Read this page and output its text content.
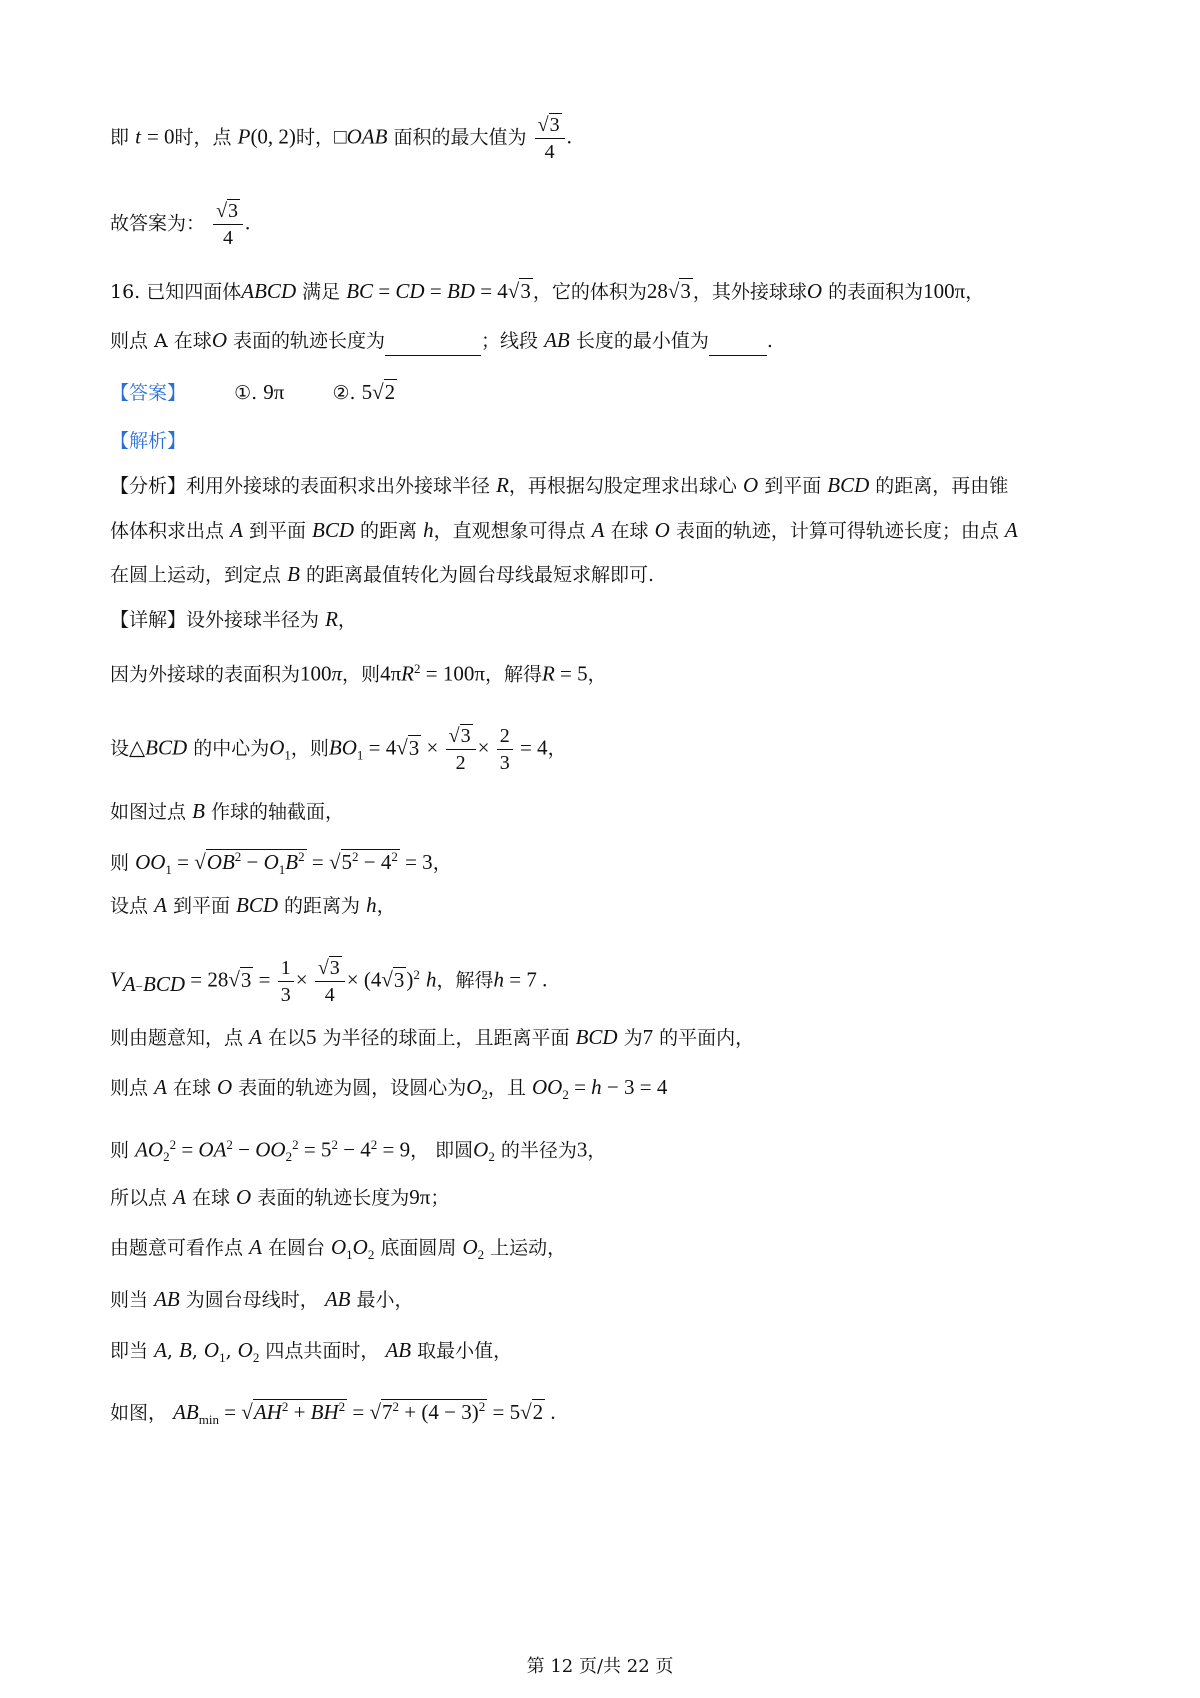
即 t = 0时，点 P(0, 2)时，□OAB 面积的最大值为 $\frac{√3}{4}$ .
故答案为： $\frac{√3}{4}$ .
16. 已知四面体ABCD 满足 BC = CD = BD = 4√3 ，它的体积为28√3 ，其外接球球O 的表面积为100π，
则点 A 在球O 表面的轨迹长度为	；线段 AB 长度的最小值为	.
【答案】	①. 9π	②. 5√2
【解析】
【分析】利用外接球的表面积求出外接球半径 R，再根据勾股定理求出球心 O 到平面 BCD 的距离，再由锥
体体积求出点 A 到平面 BCD 的距离 h，直观想象可得点 A 在球 O 表面的轨迹，计算可得轨迹长度；由点 A
在圆上运动，到定点 B 的距离最值转化为圆台母线最短求解即可.
【详解】设外接球半径为 R，
因为外接球的表面积为100π，则$4\pi R^2 = 100\pi$，解得R = 5，
设△BCD 的中心为$O_1$，则$BO_1 = 4√3 \times \frac{√3}{2} \times \frac{2}{3} = 4$，
如图过点 B 作球的轴截面，
则 $OO_1 = √OB^2 - O_1B^2 = √5^2 - 4^2 = 3$，
设点 A 到平面 BCD 的距离为 h，
$V_{A-BCD} = 28√3 = \frac{1}{3} \times \frac{√3}{4} \times (4√3)^2$ h，解得h = 7 .
则由题意知，点 A 在以5 为半径的球面上，且距离平面 BCD 为7 的平面内，
则点 A 在球 O 表面的轨迹为圆，设圆心为$O_2$，且 $OO_2 = h - 3 = 4$
则 $AO_2^2 = OA^2 - OO_2^2 = 5^2 - 4^2 = 9$， 即圆$O_2$ 的半径为3，
所以点 A 在球 O 表面的轨迹长度为9π；
由题意可看作点 A 在圆台 $O_1O_2$ 底面圆周 $O_2$ 上运动，
则当 AB 为圆台母线时， AB 最小，
即当 A, B, $O_1$, $O_2$ 四点共面时， AB 取最小值，
如图， $AB_{min} = √AH^2 + BH^2 = √7^2 + (4 - 3)^2 = 5√2$ .
第 12 页/共 22 页
